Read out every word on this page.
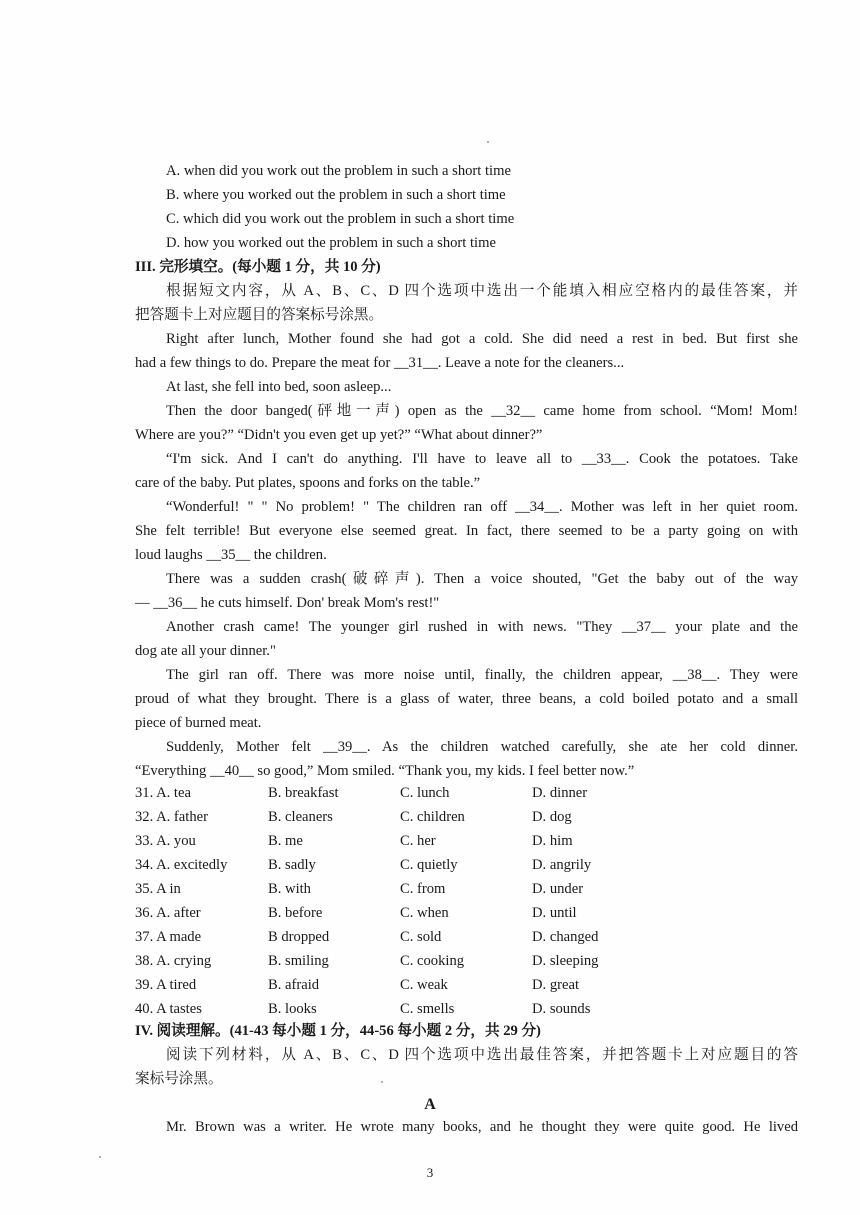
A. when did you work out the problem in such a short time
B. where you worked out the problem in such a short time
C. which did you work out the problem in such a short time
D. how you worked out the problem in such a short time
III. 完形填空。(每小题 1 分，共 10 分)
根据短文内容，从 A、B、C、D 四个选项中选出一个能填入相应空格内的最佳答案，并
把答题卡上对应题目的答案标号涂黑。
Right after lunch, Mother found she had got a cold. She did need a rest in bed. But first she
had a few things to do. Prepare the meat for __31__. Leave a note for the cleaners...
At last, she fell into bed, soon asleep...
Then the door banged(砰地一声) open as the __32__ came home from school. “Mom! Mom!
Where are you?” “Didn't you even get up yet?” “What about dinner?”
“I'm sick. And I can't do anything. I'll have to leave all to __33__. Cook the potatoes. Take
care of the baby. Put plates, spoons and forks on the table.”
“Wonderful! " " No problem! " The children ran off __34__. Mother was left in her quiet room.
She felt terrible! But everyone else seemed great. In fact, there seemed to be a party going on with
loud laughs __35__ the children.
There was a sudden crash(破碎声). Then a voice shouted, "Get the baby out of the way
— __36__ he cuts himself. Don' break Mom's rest!"
Another crash came! The younger girl rushed in with news. "They __37__ your plate and the
dog ate all your dinner."
The girl ran off. There was more noise until, finally, the children appear, __38__. They were
proud of what they brought. There is a glass of water, three beans, a cold boiled potato and a small
piece of burned meat.
Suddenly, Mother felt __39__. As the children watched carefully, she ate her cold dinner.
“Everything __40__ so good,” Mom smiled. “Thank you, my kids. I feel better now.”
31. A. tea	B. breakfast	C. lunch	D. dinner
32. A. father	B. cleaners	C. children	D. dog
33. A. you	B. me	C. her	D. him
34. A. excitedly	B. sadly	C. quietly	D. angrily
35. A in	B. with	C. from	D. under
36. A. after	B. before	C. when	D. until
37. A made	B dropped	C. sold	D. changed
38. A. crying	B. smiling	C. cooking	D. sleeping
39. A tired	B. afraid	C. weak	D. great
40. A tastes	B. looks	C. smells	D. sounds
IV. 阅读理解。(41-43 每小题 1 分，44-56 每小题 2 分，共 29 分)
阅读下列材料，从 A、B、C、D 四个选项中选出最佳答案，并把答题卡上对应题目的答
案标号涂黑。
A
Mr. Brown was a writer. He wrote many books, and he thought they were quite good. He lived
3
